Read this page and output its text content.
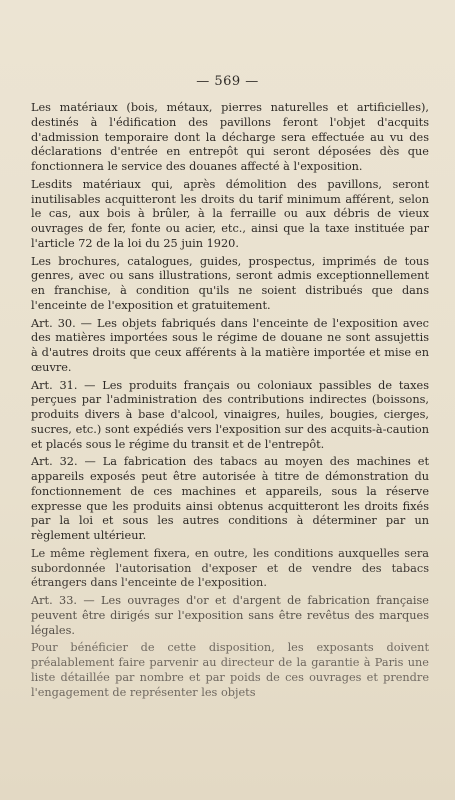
— 569 —

Les matériaux (bois, métaux, pierres naturelles et artificielles), destinés à l'édification des pavillons feront l'objet d'acquits d'admission temporaire dont la décharge sera effectuée au vu des déclarations d'entrée en entrepôt qui seront déposées dès que fonctionnera le service des douanes affecté à l'exposition.

Lesdits matériaux qui, après démolition des pavillons, seront inutilisables acquitteront les droits du tarif minimum afférent, selon le cas, aux bois à brûler, à la ferraille ou aux débris de vieux ouvrages de fer, fonte ou acier, etc., ainsi que la taxe instituée par l'article 72 de la loi du 25 juin 1920.

Les brochures, catalogues, guides, prospectus, imprimés de tous genres, avec ou sans illustrations, seront admis exceptionnellement en franchise, à condition qu'ils ne soient distribués que dans l'enceinte de l'exposition et gratuitement.

Art. 30. — Les objets fabriqués dans l'enceinte de l'exposition avec des matières importées sous le régime de douane ne sont assujettis à d'autres droits que ceux afférents à la matière importée et mise en œuvre.

Art. 31. — Les produits français ou coloniaux passibles de taxes perçues par l'administration des contributions indirectes (boissons, produits divers à base d'alcool, vinaigres, huiles, bougies, cierges, sucres, etc.) sont expédiés vers l'exposition sur des acquits-à-caution et placés sous le régime du transit et de l'entrepôt.

Art. 32. — La fabrication des tabacs au moyen des machines et appareils exposés peut être autorisée à titre de démonstration du fonctionnement de ces machines et appareils, sous la réserve expresse que les produits ainsi obtenus acquitteront les droits fixés par la loi et sous les autres conditions à déterminer par un règlement ultérieur.

Le même règlement fixera, en outre, les conditions auxquelles sera subordonnée l'autorisation d'exposer et de vendre des tabacs étrangers dans l'enceinte de l'exposition.

Art. 33. — Les ouvrages d'or et d'argent de fabrication française peuvent être dirigés sur l'exposition sans être revêtus des marques légales.

Pour bénéficier de cette disposition, les exposants doivent préalablement faire parvenir au directeur de la garantie à Paris une liste détaillée par nombre et par poids de ces ouvrages et prendre l'engagement de représenter les objets
